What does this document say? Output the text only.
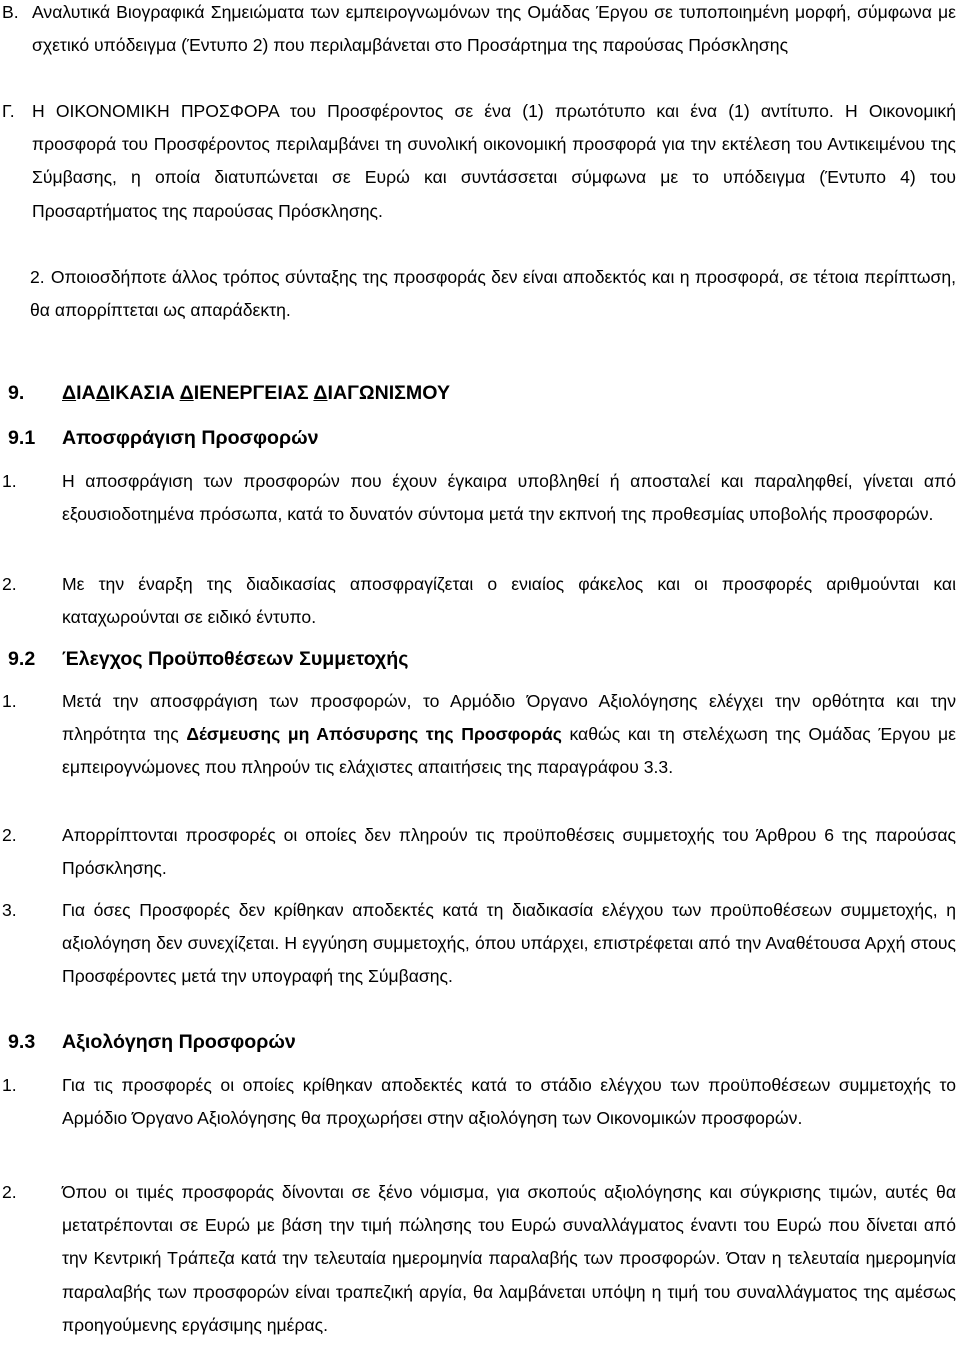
Β. Αναλυτικά Βιογραφικά Σημειώματα των εμπειρογνωμόνων της Ομάδας Έργου σε τυποποιημένη μορφή, σύμφωνα με σχετικό υπόδειγμα (Έντυπο 2) που περιλαμβάνεται στο Προσάρτημα της παρούσας Πρόσκλησης
Γ. Η ΟΙΚΟΝΟΜΙΚΗ ΠΡΟΣΦΟΡΑ του Προσφέροντος σε ένα (1) πρωτότυπο και ένα (1) αντίτυπο. Η Οικονομική προσφορά του Προσφέροντος περιλαμβάνει τη συνολική οικονομική προσφορά για την εκτέλεση του Αντικειμένου της Σύμβασης, η οποία διατυπώνεται σε Ευρώ και συντάσσεται σύμφωνα με το υπόδειγμα (Έντυπο 4) του Προσαρτήματος της παρούσας Πρόσκλησης.
2. Οποιοσδήποτε άλλος τρόπος σύνταξης της προσφοράς δεν είναι αποδεκτός και η προσφορά, σε τέτοια περίπτωση, θα απορρίπτεται ως απαράδεκτη.
9. ΔΙΑΔΙΚΑΣΙΑ ΔΙΕΝΕΡΓΕΙΑΣ ΔΙΑΓΩΝΙΣΜΟΥ
9.1 Αποσφράγιση Προσφορών
1.	Η αποσφράγιση των προσφορών που έχουν έγκαιρα υποβληθεί ή αποσταλεί και παραληφθεί, γίνεται από εξουσιοδοτημένα πρόσωπα, κατά το δυνατόν σύντομα μετά την εκπνοή της προθεσμίας υποβολής προσφορών.
2.	Με την έναρξη της διαδικασίας αποσφραγίζεται ο ενιαίος φάκελος και οι προσφορές αριθμούνται και καταχωρούνται σε ειδικό έντυπο.
9.2 Έλεγχος Προϋποθέσεων Συμμετοχής
1.	Μετά την αποσφράγιση των προσφορών, το Αρμόδιο Όργανο Αξιολόγησης ελέγχει την ορθότητα και την πληρότητα της Δέσμευσης μη Απόσυρσης της Προσφοράς καθώς και τη στελέχωση της Ομάδας Έργου με εμπειρογνώμονες που πληρούν τις ελάχιστες απαιτήσεις της παραγράφου 3.3.
2.	Απορρίπτονται προσφορές οι οποίες δεν πληρούν τις προϋποθέσεις συμμετοχής του Άρθρου 6 της παρούσας Πρόσκλησης.
3.	Για όσες Προσφορές δεν κρίθηκαν αποδεκτές κατά τη διαδικασία ελέγχου των προϋποθέσεων συμμετοχής, η αξιολόγηση δεν συνεχίζεται. Η εγγύηση συμμετοχής, όπου υπάρχει, επιστρέφεται από την Αναθέτουσα Αρχή στους Προσφέροντες μετά την υπογραφή της Σύμβασης.
9.3 Αξιολόγηση Προσφορών
1.	Για τις προσφορές οι οποίες κρίθηκαν αποδεκτές κατά το στάδιο ελέγχου των προϋποθέσεων συμμετοχής το Αρμόδιο Όργανο Αξιολόγησης θα προχωρήσει στην αξιολόγηση των Οικονομικών προσφορών.
2.	Όπου οι τιμές προσφοράς δίνονται σε ξένο νόμισμα, για σκοπούς αξιολόγησης και σύγκρισης τιμών, αυτές θα μετατρέπονται σε Ευρώ με βάση την τιμή πώλησης του Ευρώ συναλλάγματος έναντι του Ευρώ που δίνεται από την Κεντρική Τράπεζα κατά την τελευταία ημερομηνία παραλαβής των προσφορών. Όταν η τελευταία ημερομηνία παραλαβής των προσφορών είναι τραπεζική αργία, θα λαμβάνεται υπόψη η τιμή του συναλλάγματος της αμέσως προηγούμενης εργάσιμης ημέρας.
